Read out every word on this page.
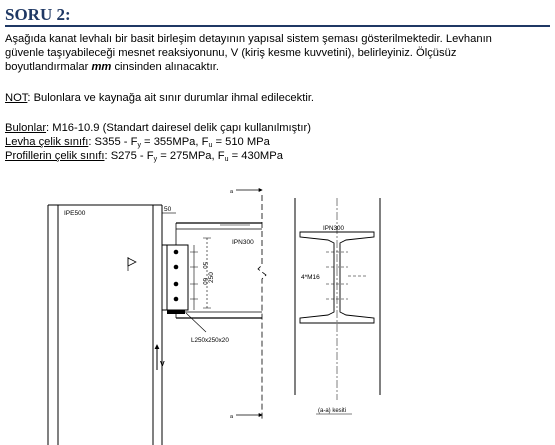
SORU 2:

Aşağıda kanat levhalı bir basit birleşim detayının yapısal sistem şeması gösterilmektedir. Levhanın

güvenle taşıyabileceği mesnet reaksiyonunu, V (kiriş kesme kuvvetini), belirleyiniz. Ölçüsüz

boyutlandırmalar mm cinsinden alınacaktır.

NOT: Bulonlara ve kaynağa ait sınır durumlar ihmal edilecektir.
Bulonlar: M16-10.9 (Standart dairesel delik çapı kullanılmıştır)
Levha çelik sınıfı: $S355 - F_y = 355MPa$, $F_u = 510$ MPa
Profillerin çelik sınıfı: $S275 - F_y = 275MPa$, $F_u = 430MPa$
IPE500
50
IPN300
a
a
50
60 250
L250x250x20
V
IPN300
4*M16
(a-a) kesiti
